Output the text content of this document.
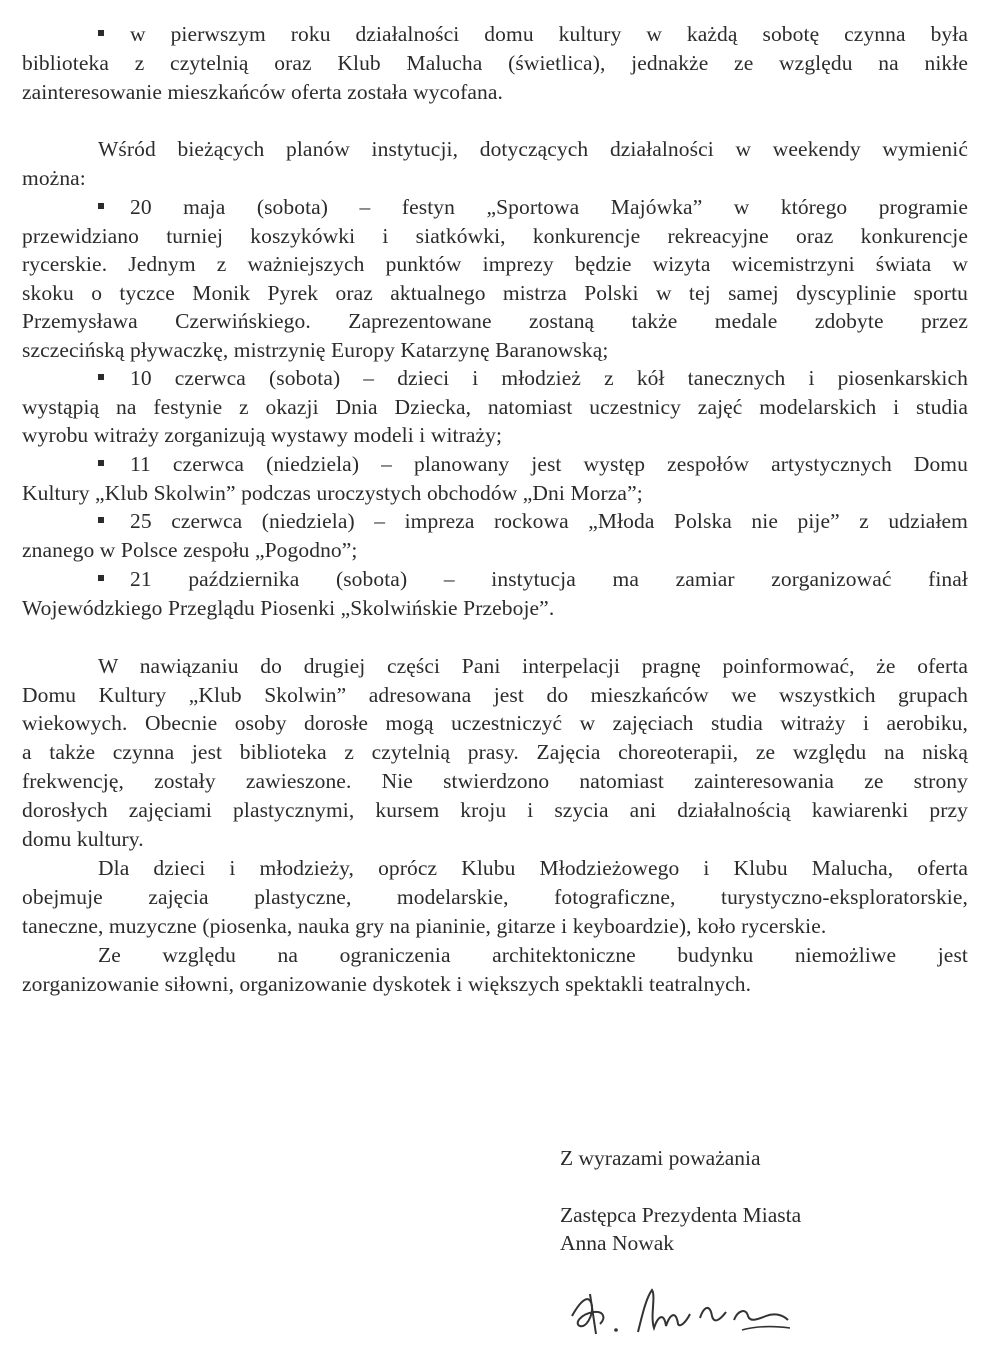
w pierwszym roku działalności domu kultury w każdą sobotę czynna była
biblioteka z czytelnią oraz Klub Malucha (świetlica), jednakże ze względu na nikłe
zainteresowanie mieszkańców oferta została wycofana.
Wśród bieżących planów instytucji, dotyczących działalności w weekendy wymienić
można:
20 maja (sobota) – festyn „Sportowa Majówka” w którego programie
przewidziano turniej koszykówki i siatkówki, konkurencje rekreacyjne oraz konkurencje
rycerskie. Jednym z ważniejszych punktów imprezy będzie wizyta wicemistrzyni świata w
skoku o tyczce Monik Pyrek oraz aktualnego mistrza Polski w tej samej dyscyplinie sportu
Przemysława Czerwińskiego. Zaprezentowane zostaną także medale zdobyte przez
szczecińską pływaczkę, mistrzynię Europy Katarzynę Baranowską;
10 czerwca (sobota) – dzieci i młodzież z kół tanecznych i piosenkarskich
wystąpią na festynie z okazji Dnia Dziecka, natomiast uczestnicy zajęć modelarskich i studia
wyrobu witraży zorganizują wystawy modeli i witraży;
11 czerwca (niedziela) – planowany jest występ zespołów artystycznych Domu
Kultury „Klub Skolwin” podczas uroczystych obchodów „Dni Morza”;
25 czerwca (niedziela) – impreza rockowa „Młoda Polska nie pije” z udziałem
znanego w Polsce zespołu „Pogodno”;
21 października (sobota) – instytucja ma zamiar zorganizować finał
Wojewódzkiego Przeglądu Piosenki „Skolwińskie Przeboje”.
W nawiązaniu do drugiej części Pani interpelacji pragnę poinformować, że oferta
Domu Kultury „Klub Skolwin” adresowana jest do mieszkańców we wszystkich grupach
wiekowych. Obecnie osoby dorosłe mogą uczestniczyć w zajęciach studia witraży i aerobiku,
a także czynna jest biblioteka z czytelnią prasy. Zajęcia choreoterapii, ze względu na niską
frekwencję, zostały zawieszone. Nie stwierdzono natomiast zainteresowania ze strony
dorosłych zajęciami plastycznymi, kursem kroju i szycia ani działalnością kawiarenki przy
domu kultury.
Dla dzieci i młodzieży, oprócz Klubu Młodzieżowego i Klubu Malucha, oferta
obejmuje zajęcia plastyczne, modelarskie, fotograficzne, turystyczno-eksploratorskie,
taneczne, muzyczne (piosenka, nauka gry na pianinie, gitarze i keyboardzie), koło rycerskie.
Ze względu na ograniczenia architektoniczne budynku niemożliwe jest
zorganizowanie siłowni, organizowanie dyskotek i większych spektakli teatralnych.
Z wyrazami poważania
Zastępca Prezydenta Miasta
Anna Nowak
